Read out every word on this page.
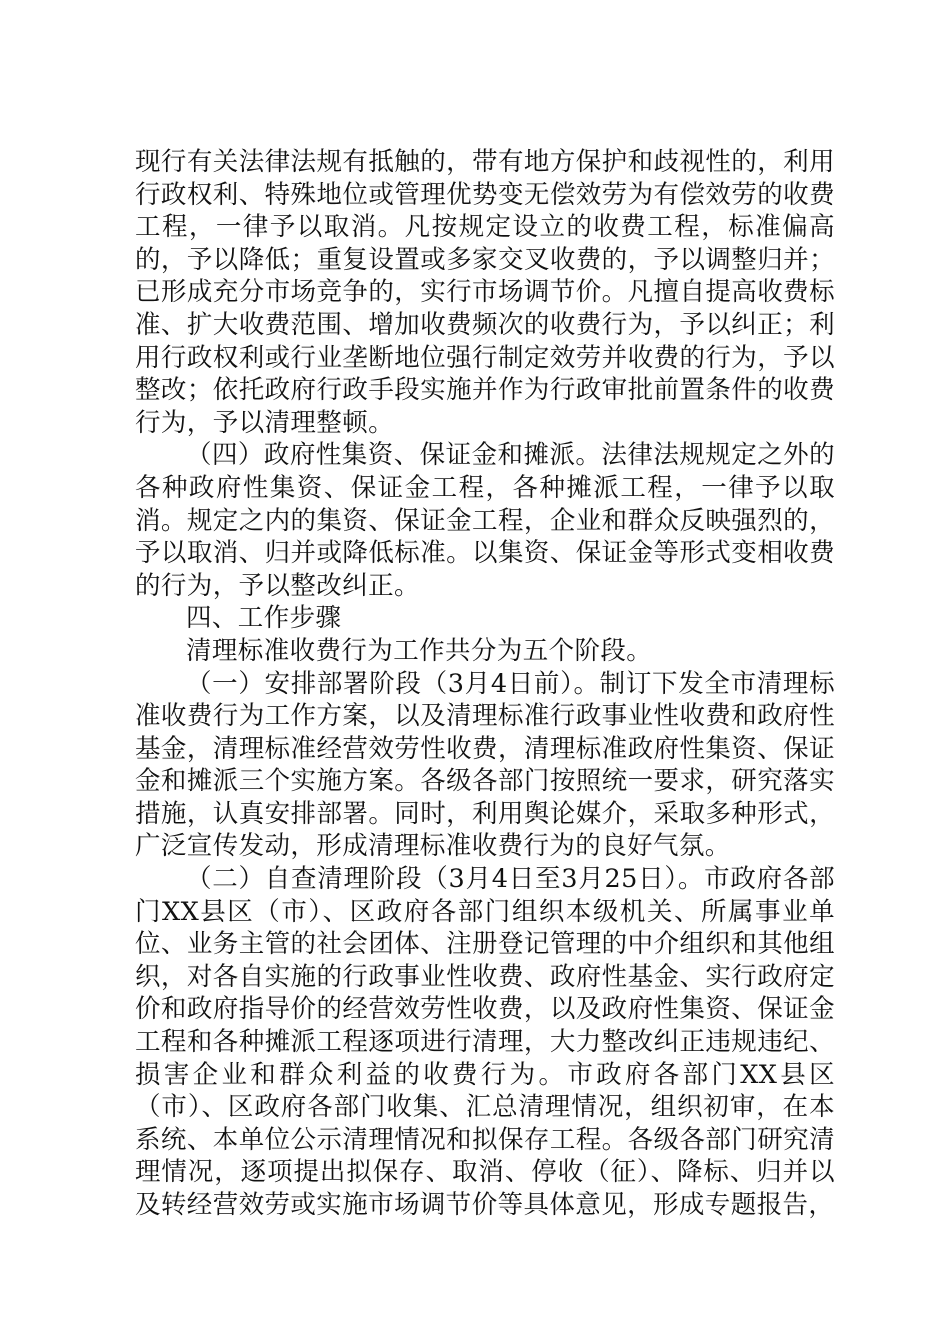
现行有关法律法规有抵触的，带有地方保护和歧视性的，利用行政权利、特殊地位或管理优势变无偿效劳为有偿效劳的收费工程，一律予以取消。凡按规定设立的收费工程，标准偏高的，予以降低；重复设置或多家交叉收费的，予以调整归并；已形成充分市场竞争的，实行市场调节价。凡擅自提高收费标准、扩大收费范围、增加收费频次的收费行为，予以纠正；利用行政权利或行业垄断地位强行制定效劳并收费的行为，予以整改；依托政府行政手段实施并作为行政审批前置条件的收费行为，予以清理整顿。

（四）政府性集资、保证金和摊派。法律法规规定之外的各种政府性集资、保证金工程，各种摊派工程，一律予以取消。规定之内的集资、保证金工程，企业和群众反映强烈的，予以取消、归并或降低标准。以集资、保证金等形式变相收费的行为，予以整改纠正。

四、工作步骤

清理标准收费行为工作共分为五个阶段。

（一）安排部署阶段（3月4日前）。制订下发全市清理标准收费行为工作方案，以及清理标准行政事业性收费和政府性基金，清理标准经营效劳性收费，清理标准政府性集资、保证金和摊派三个实施方案。各级各部门按照统一要求，研究落实措施，认真安排部署。同时，利用舆论媒介，采取多种形式，广泛宣传发动，形成清理标准收费行为的良好气氛。

（二）自查清理阶段（3月4日至3月25日）。市政府各部门XX县区（市）、区政府各部门组织本级机关、所属事业单位、业务主管的社会团体、注册登记管理的中介组织和其他组织，对各自实施的行政事业性收费、政府性基金、实行政府定价和政府指导价的经营效劳性收费，以及政府性集资、保证金工程和各种摊派工程逐项进行清理，大力整改纠正违规违纪、损害企业和群众利益的收费行为。市政府各部门XX县区（市）、区政府各部门收集、汇总清理情况，组织初审，在本系统、本单位公示清理情况和拟保存工程。各级各部门研究清理情况，逐项提出拟保存、取消、停收（征）、降标、归并以及转经营效劳或实施市场调节价等具体意见，形成专题报告，
